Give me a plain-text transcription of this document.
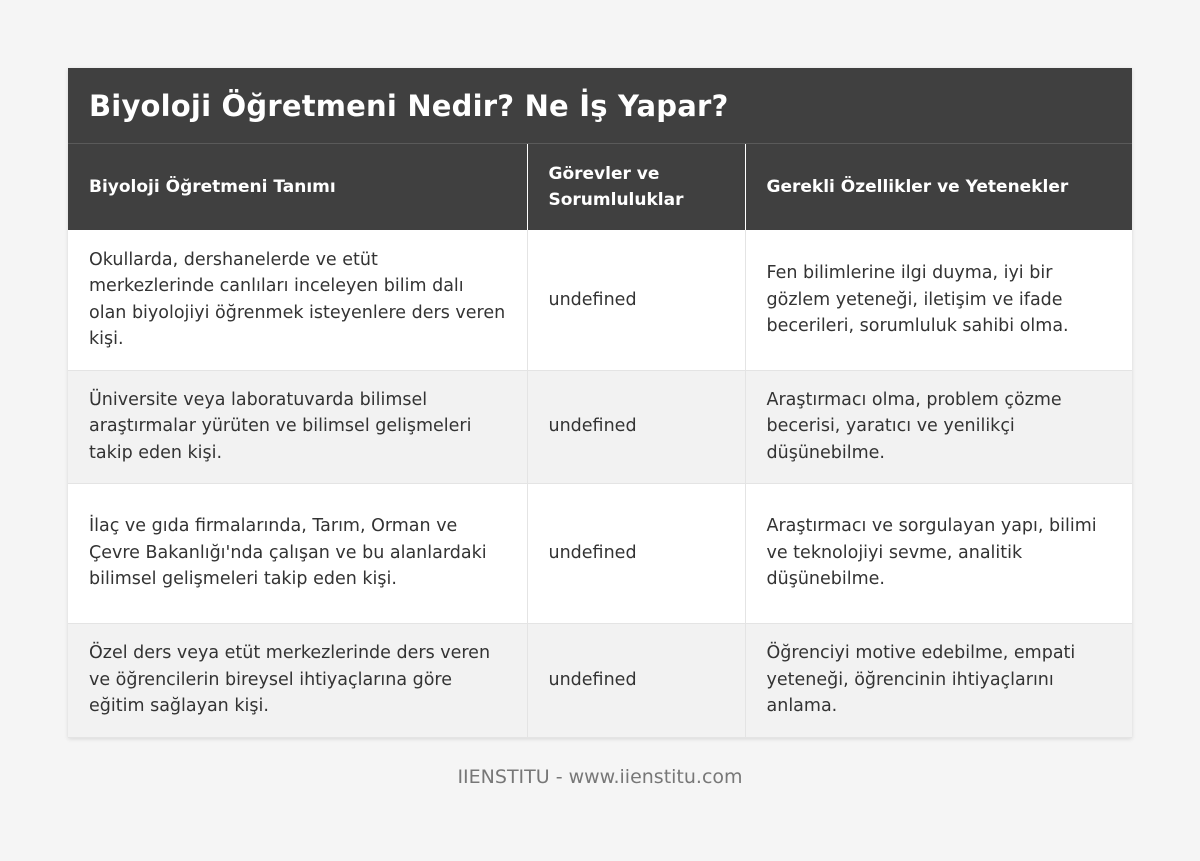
Biyoloji Öğretmeni Nedir? Ne İş Yapar?
Biyoloji Öğretmeni Tanımı	Görevler ve Sorumluluklar	Gerekli Özellikler ve Yetenekler
Okullarda, dershanelerde ve etüt merkezlerinde canlıları inceleyen bilim dalı olan biyolojiyi öğrenmek isteyenlere ders veren kişi.	undefined	Fen bilimlerine ilgi duyma, iyi bir gözlem yeteneği, iletişim ve ifade becerileri, sorumluluk sahibi olma.
Üniversite veya laboratuvarda bilimsel araştırmalar yürüten ve bilimsel gelişmeleri takip eden kişi.	undefined	Araştırmacı olma, problem çözme becerisi, yaratıcı ve yenilikçi düşünebilme.
İlaç ve gıda firmalarında, Tarım, Orman ve Çevre Bakanlığı'nda çalışan ve bu alanlardaki bilimsel gelişmeleri takip eden kişi.	undefined	Araştırmacı ve sorgulayan yapı, bilimi ve teknolojiyi sevme, analitik düşünebilme.
Özel ders veya etüt merkezlerinde ders veren ve öğrencilerin bireysel ihtiyaçlarına göre eğitim sağlayan kişi.	undefined	Öğrenciyi motive edebilme, empati yeteneği, öğrencinin ihtiyaçlarını anlama.
IIENSTITU - www.iienstitu.com
